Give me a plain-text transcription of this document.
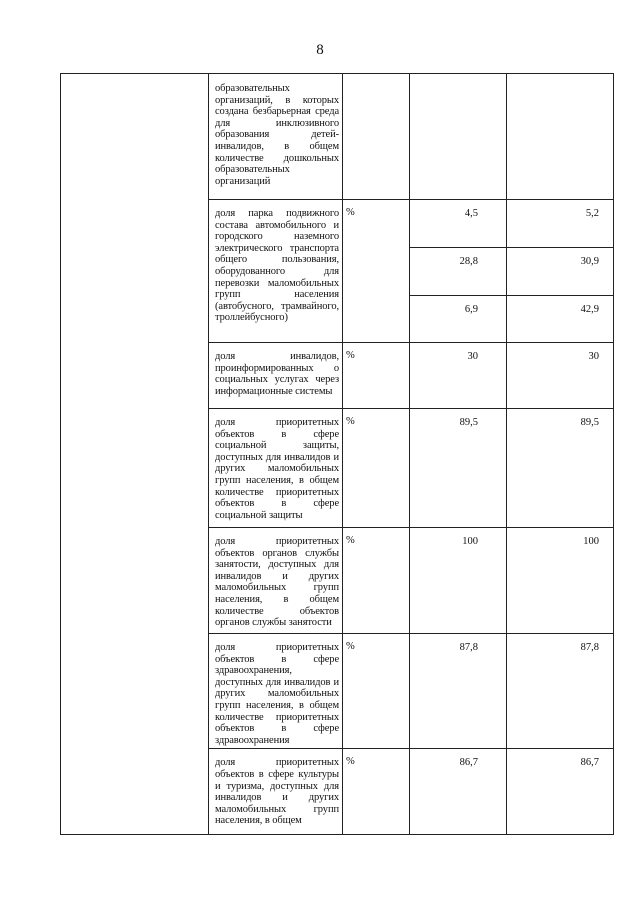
8

	образовательных организаций, в которых создана безбарьерная среда для инклюзивного образования детей-инвалидов, в общем количестве дошкольных образовательных организаций			

	доля парка подвижного состава автомобильного и городского наземного электрического транспорта общего пользования, оборудованного для перевозки маломобильных групп населения (автобусного, трамвайного, троллейбусного)	%	4,5	5,2

			28,8	30,9

			6,9	42,9

	доля инвалидов, проинформированных о социальных услугах через информационные системы	%	30	30

	доля приоритетных объектов в сфере социальной защиты, доступных для инвалидов и других маломобильных групп населения, в общем количестве приоритетных объектов в сфере социальной защиты	%	89,5	89,5

	доля приоритетных объектов органов службы занятости, доступных для инвалидов и других маломобильных групп населения, в общем количестве объектов органов службы занятости	%	100	100

	доля приоритетных объектов в сфере здравоохранения, доступных для инвалидов и других маломобильных групп населения, в общем количестве приоритетных объектов в сфере здравоохранения	%	87,8	87,8

	доля приоритетных объектов в сфере культуры и туризма, доступных для инвалидов и других маломобильных групп населения, в общем	%	86,7	86,7
